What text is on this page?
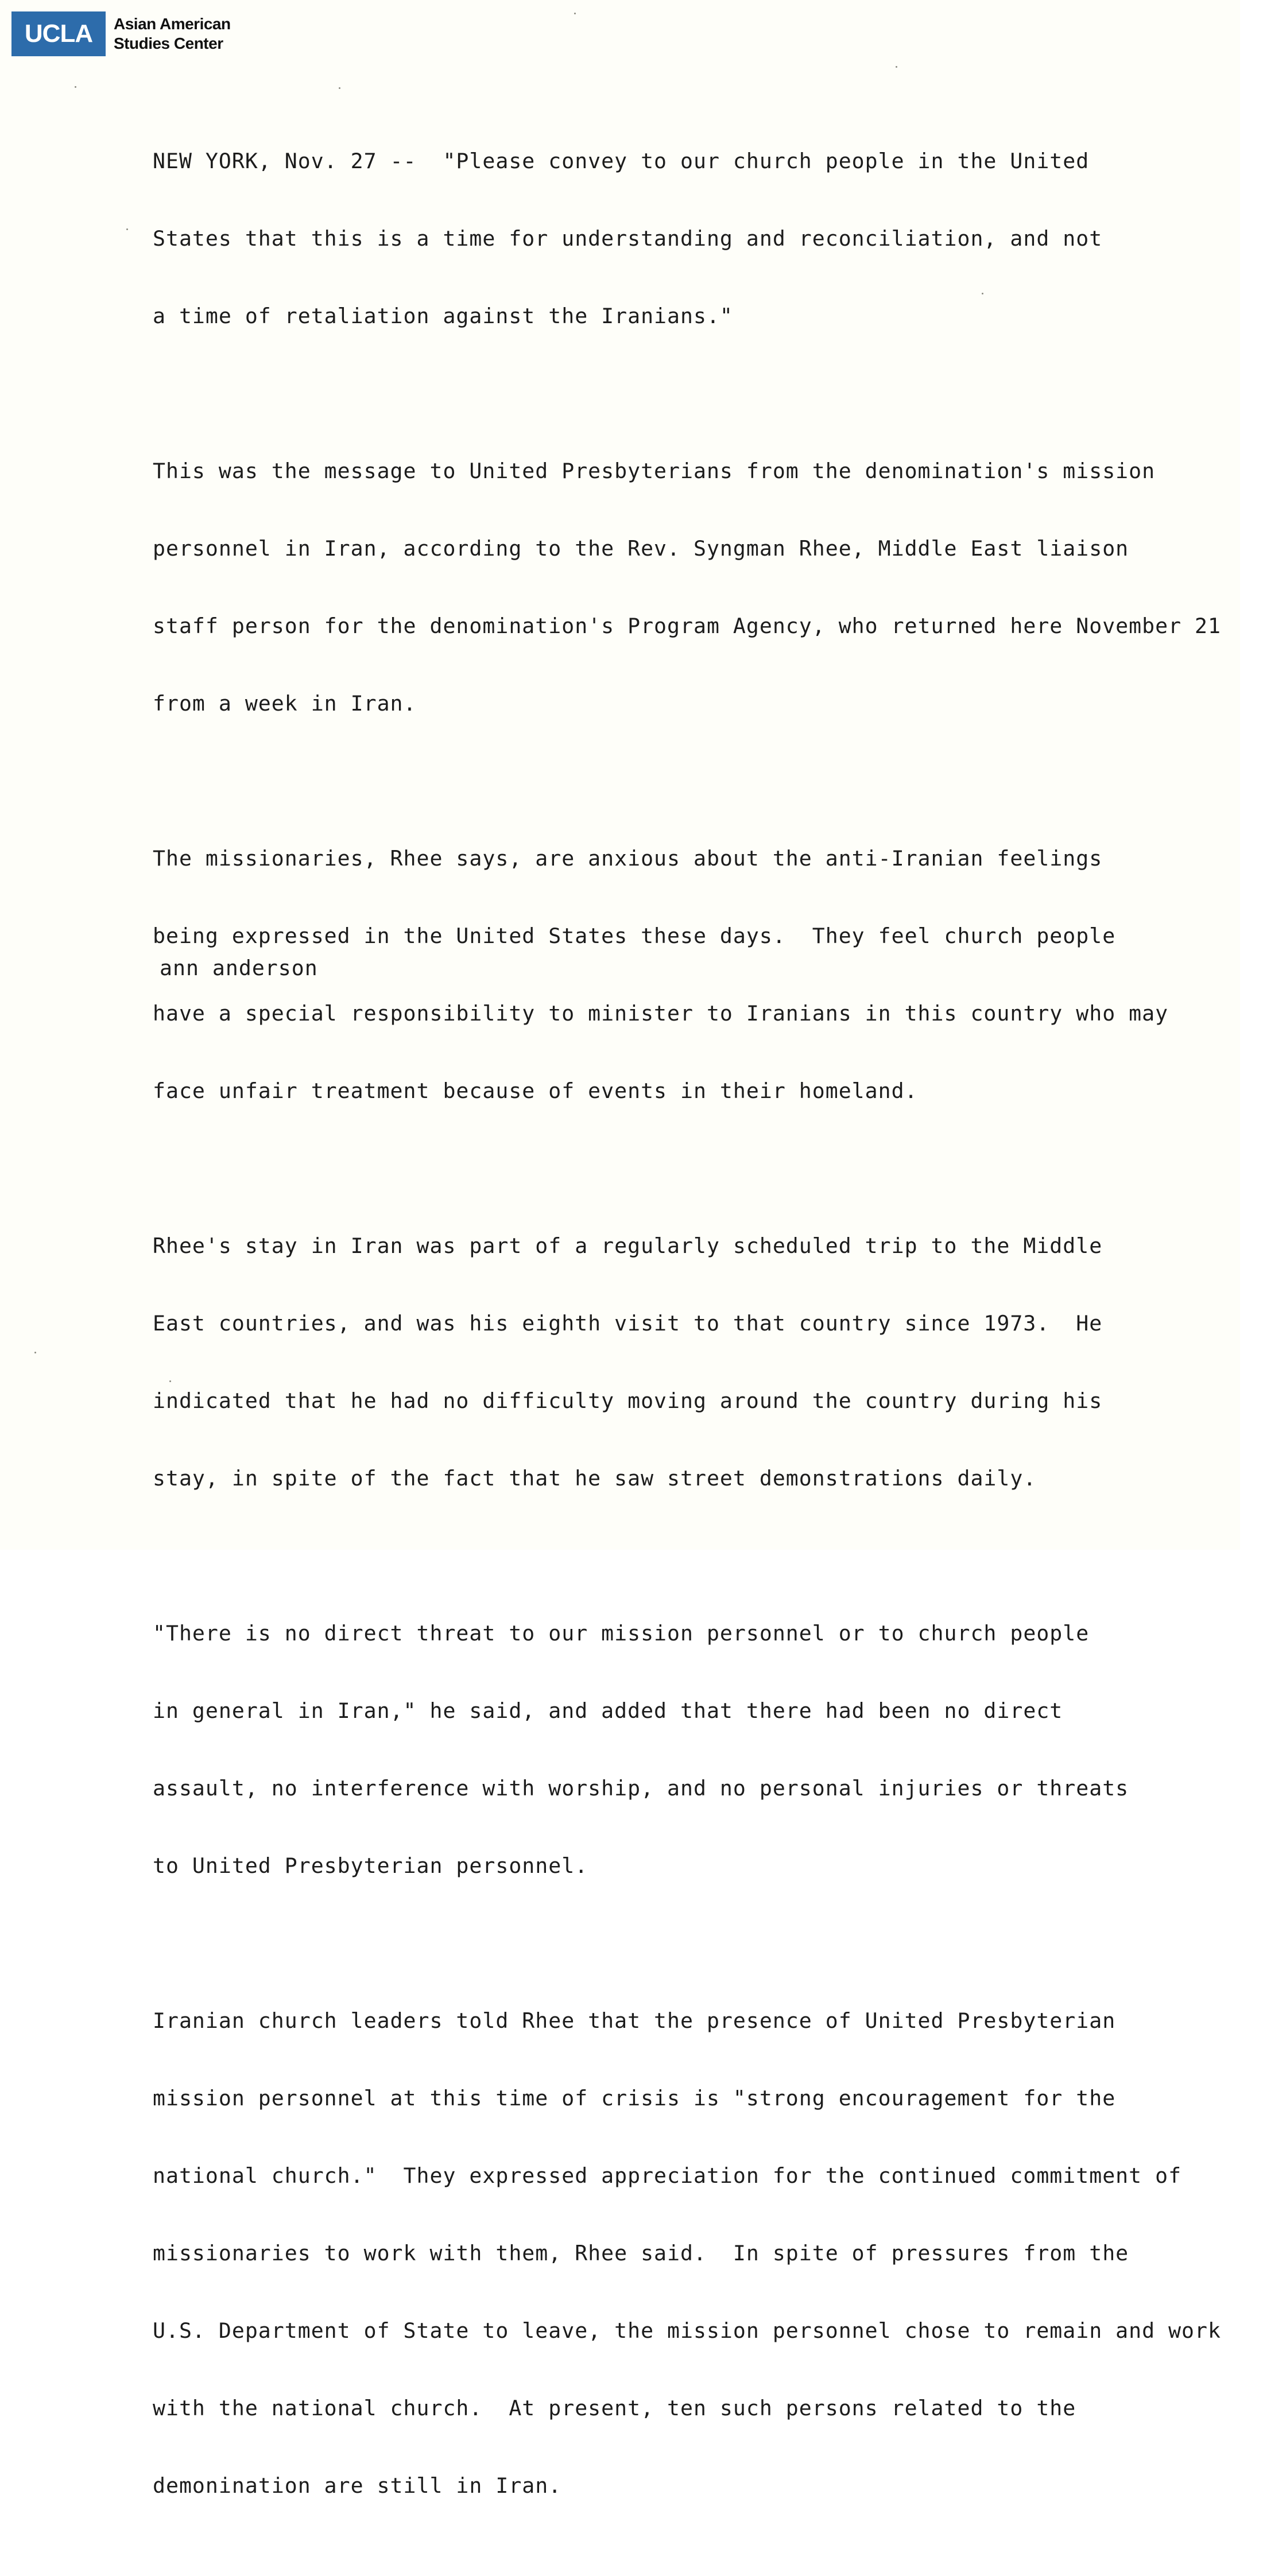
UCLA	Asian American
Studies Center

NEW YORK, Nov. 27 --  "Please convey to our church people in the United

States that this is a time for understanding and reconciliation, and not

a time of retaliation against the Iranians."

This was the message to United Presbyterians from the denomination's mission

personnel in Iran, according to the Rev. Syngman Rhee, Middle East liaison

staff person for the denomination's Program Agency, who returned here November 21

from a week in Iran.

The missionaries, Rhee says, are anxious about the anti-Iranian feelings

being expressed in the United States these days.  They feel church people

have a special responsibility to minister to Iranians in this country who may

face unfair treatment because of events in their homeland.

Rhee's stay in Iran was part of a regularly scheduled trip to the Middle

East countries, and was his eighth visit to that country since 1973.  He

indicated that he had no difficulty moving around the country during his

stay, in spite of the fact that he saw street demonstrations daily.

"There is no direct threat to our mission personnel or to church people

in general in Iran," he said, and added that there had been no direct

assault, no interference with worship, and no personal injuries or threats

to United Presbyterian personnel.

Iranian church leaders told Rhee that the presence of United Presbyterian

mission personnel at this time of crisis is "strong encouragement for the

national church."  They expressed appreciation for the continued commitment of

missionaries to work with them, Rhee said.  In spite of pressures from the

U.S. Department of State to leave, the mission personnel chose to remain and work

with the national church.  At present, ten such persons related to the

demonination are still in Iran.

ann anderson
